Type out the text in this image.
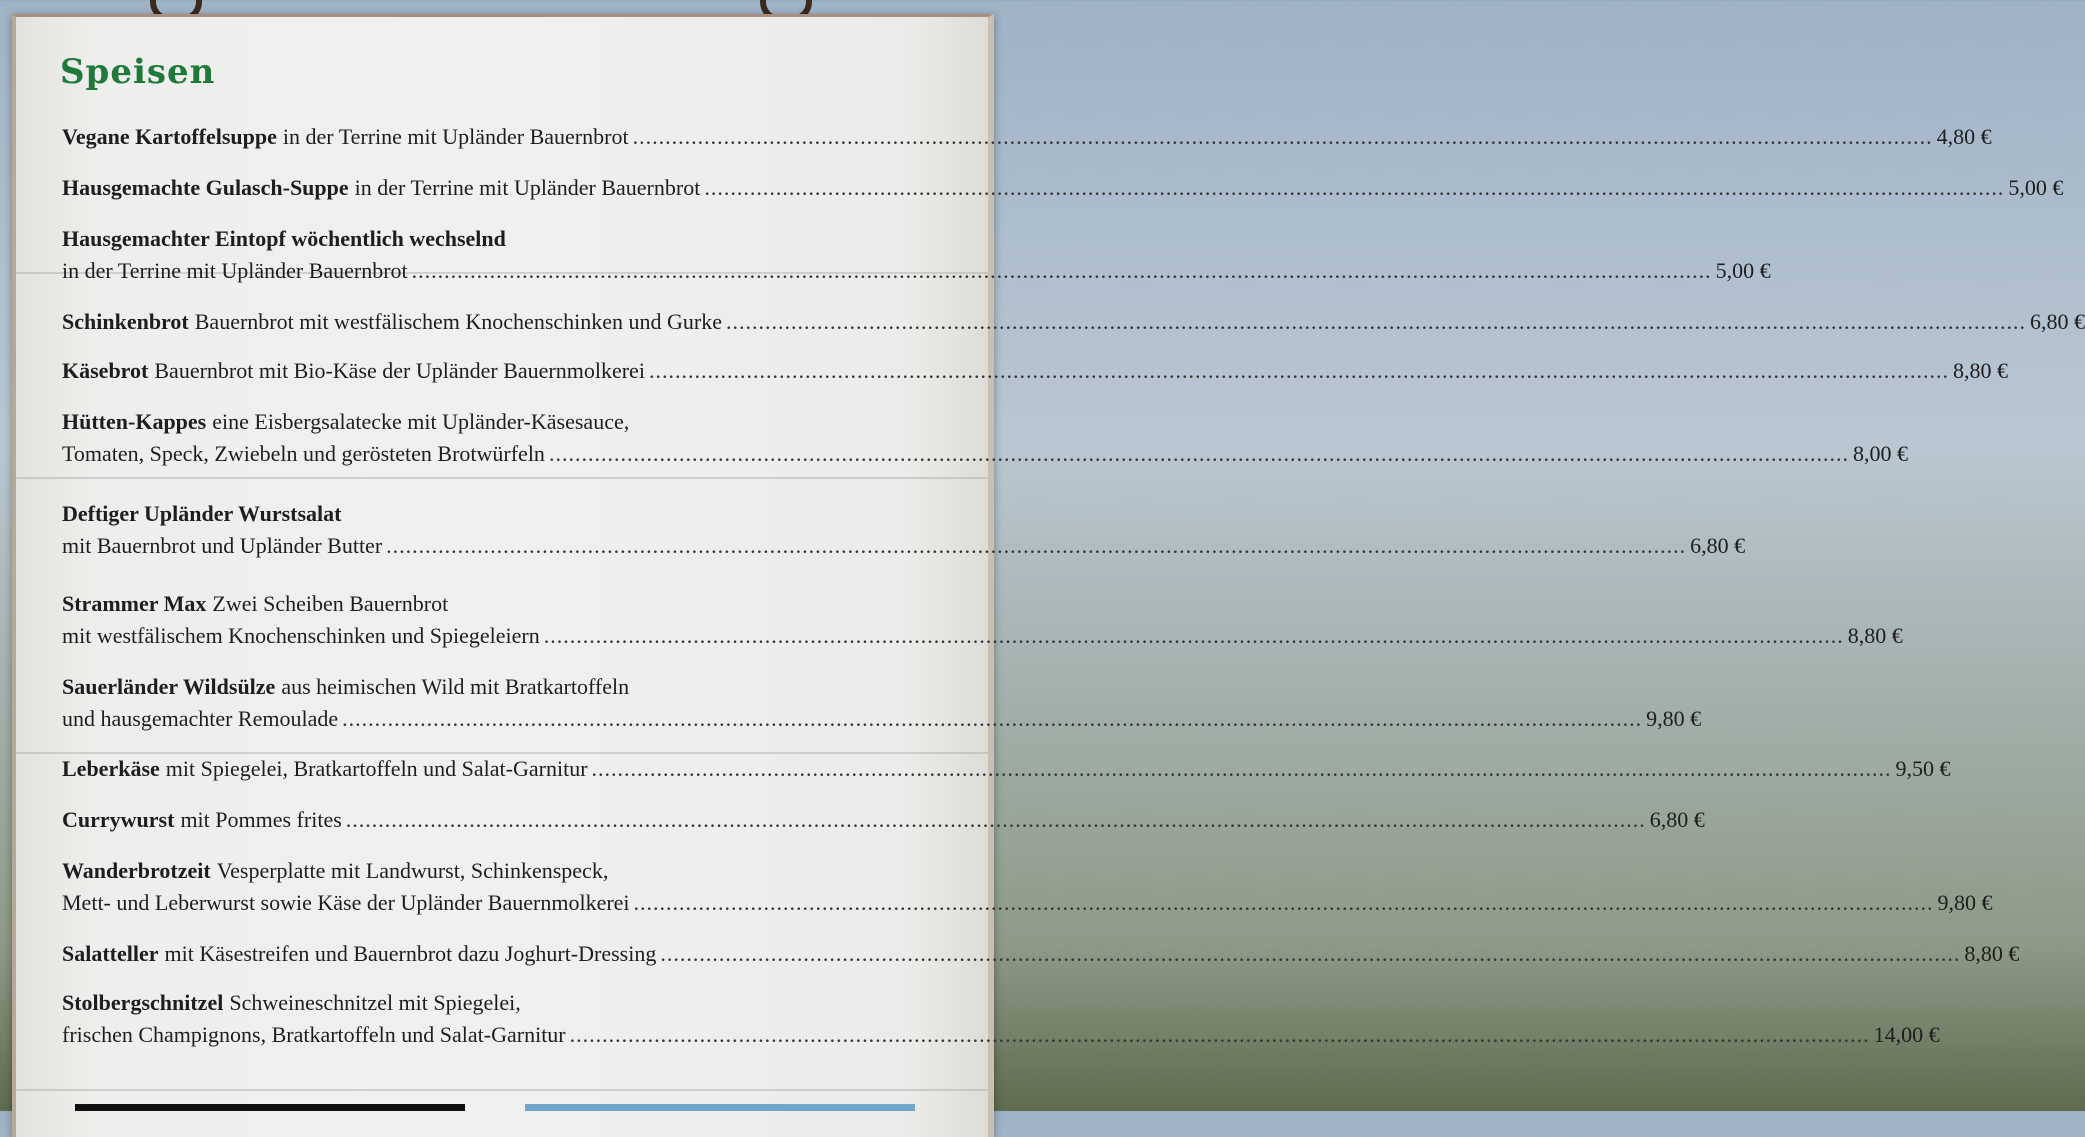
Speisen
Vegane Kartoffelsuppe in der Terrine mit Upländer Bauernbrot ........................................................................................................................................................................................................ 4,80 €
Hausgemachte Gulasch-Suppe in der Terrine mit Upländer Bauernbrot ........................................................................................................................................................................................................ 5,00 €
Hausgemachter Eintopf wöchentlich wechselnd
in der Terrine mit Upländer Bauernbrot ........................................................................................................................................................................................................ 5,00 €
Schinkenbrot Bauernbrot mit westfälischem Knochenschinken und Gurke ........................................................................................................................................................................................................ 6,80 €
Käsebrot Bauernbrot mit Bio-Käse der Upländer Bauernmolkerei ........................................................................................................................................................................................................ 8,80 €
Hütten-Kappes eine Eisbergsalatecke mit Upländer-Käsesauce,
Tomaten, Speck, Zwiebeln und gerösteten Brotwürfeln ........................................................................................................................................................................................................ 8,00 €
Deftiger Upländer Wurstsalat
mit Bauernbrot und Upländer Butter ........................................................................................................................................................................................................ 6,80 €
Strammer Max Zwei Scheiben Bauernbrot
mit westfälischem Knochenschinken und Spiegeleiern ........................................................................................................................................................................................................ 8,80 €
Sauerländer Wildsülze aus heimischen Wild mit Bratkartoffeln
und hausgemachter Remoulade ........................................................................................................................................................................................................ 9,80 €
Leberkäse mit Spiegelei, Bratkartoffeln und Salat-Garnitur ........................................................................................................................................................................................................ 9,50 €
Currywurst mit Pommes frites ........................................................................................................................................................................................................ 6,80 €
Wanderbrotzeit Vesperplatte mit Landwurst, Schinkenspeck,
Mett- und Leberwurst sowie Käse der Upländer Bauernmolkerei ........................................................................................................................................................................................................ 9,80 €
Salatteller mit Käsestreifen und Bauernbrot dazu Joghurt-Dressing ........................................................................................................................................................................................................ 8,80 €
Stolbergschnitzel Schweineschnitzel mit Spiegelei,
frischen Champignons, Bratkartoffeln und Salat-Garnitur ........................................................................................................................................................................................................ 14,00 €
